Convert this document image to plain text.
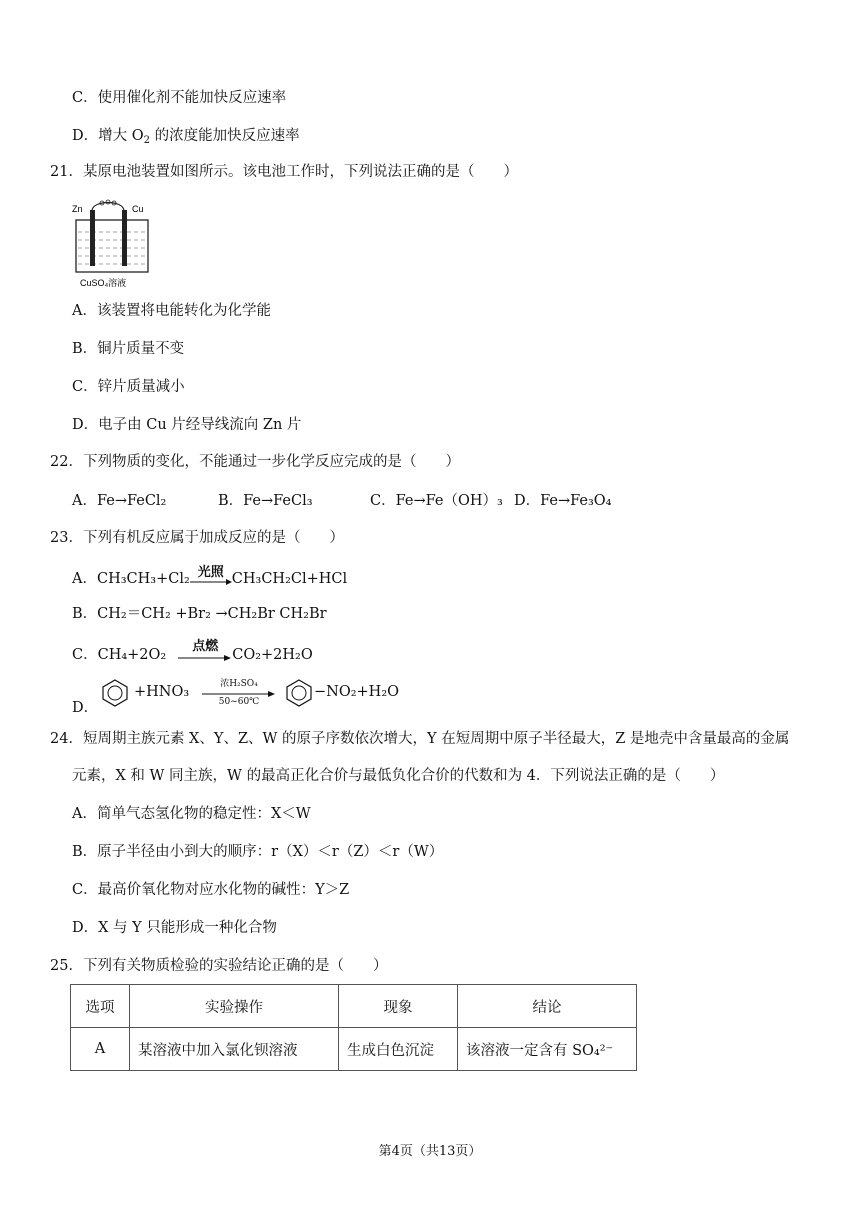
C．使用催化剂不能加快反应速率
D．增大 $O_2$ 的浓度能加快反应速率
21．某原电池装置如图所示。该电池工作时，下列说法正确的是（　　）
Zn	Cu
CuSO₄溶液
A．该装置将电能转化为化学能
B．铜片质量不变
C．锌片质量减小
D．电子由 Cu 片经导线流向 Zn 片
22．下列物质的变化，不能通过一步化学反应完成的是（　　）
A．Fe→FeCl₂	B．Fe→FeCl₃	C．Fe→Fe（OH）₃ D．Fe→Fe₃O₄
23．下列有机反应属于加成反应的是（　　）
A．CH₃CH₃+Cl₂ 光照 CH₃CH₂Cl+HCl
B．CH₂＝CH₂ +Br₂ →CH₂Br CH₂Br
C．CH₄+2O₂
点燃
CO₂+2H₂O
D．
+HNO₃	浓H₂SO₄
50~60℃
−NO₂+H₂O
24．短周期主族元素 X、Y、Z、W 的原子序数依次增大，Y 在短周期中原子半径最大，Z 是地壳中含量最高的金属
元素，X 和 W 同主族，W 的最高正化合价与最低负化合价的代数和为 4．下列说法正确的是（　　）
A．简单气态氢化物的稳定性：X＜W
B．原子半径由小到大的顺序：r（X）＜r（Z）＜r（W）
C．最高价氧化物对应水化物的碱性：Y＞Z
D．X 与 Y 只能形成一种化合物
25．下列有关物质检验的实验结论正确的是（　　）
选项	实验操作	现象	结论
A	某溶液中加入氯化钡溶液	生成白色沉淀	该溶液一定含有 SO₄²⁻
第4页（共13页）
